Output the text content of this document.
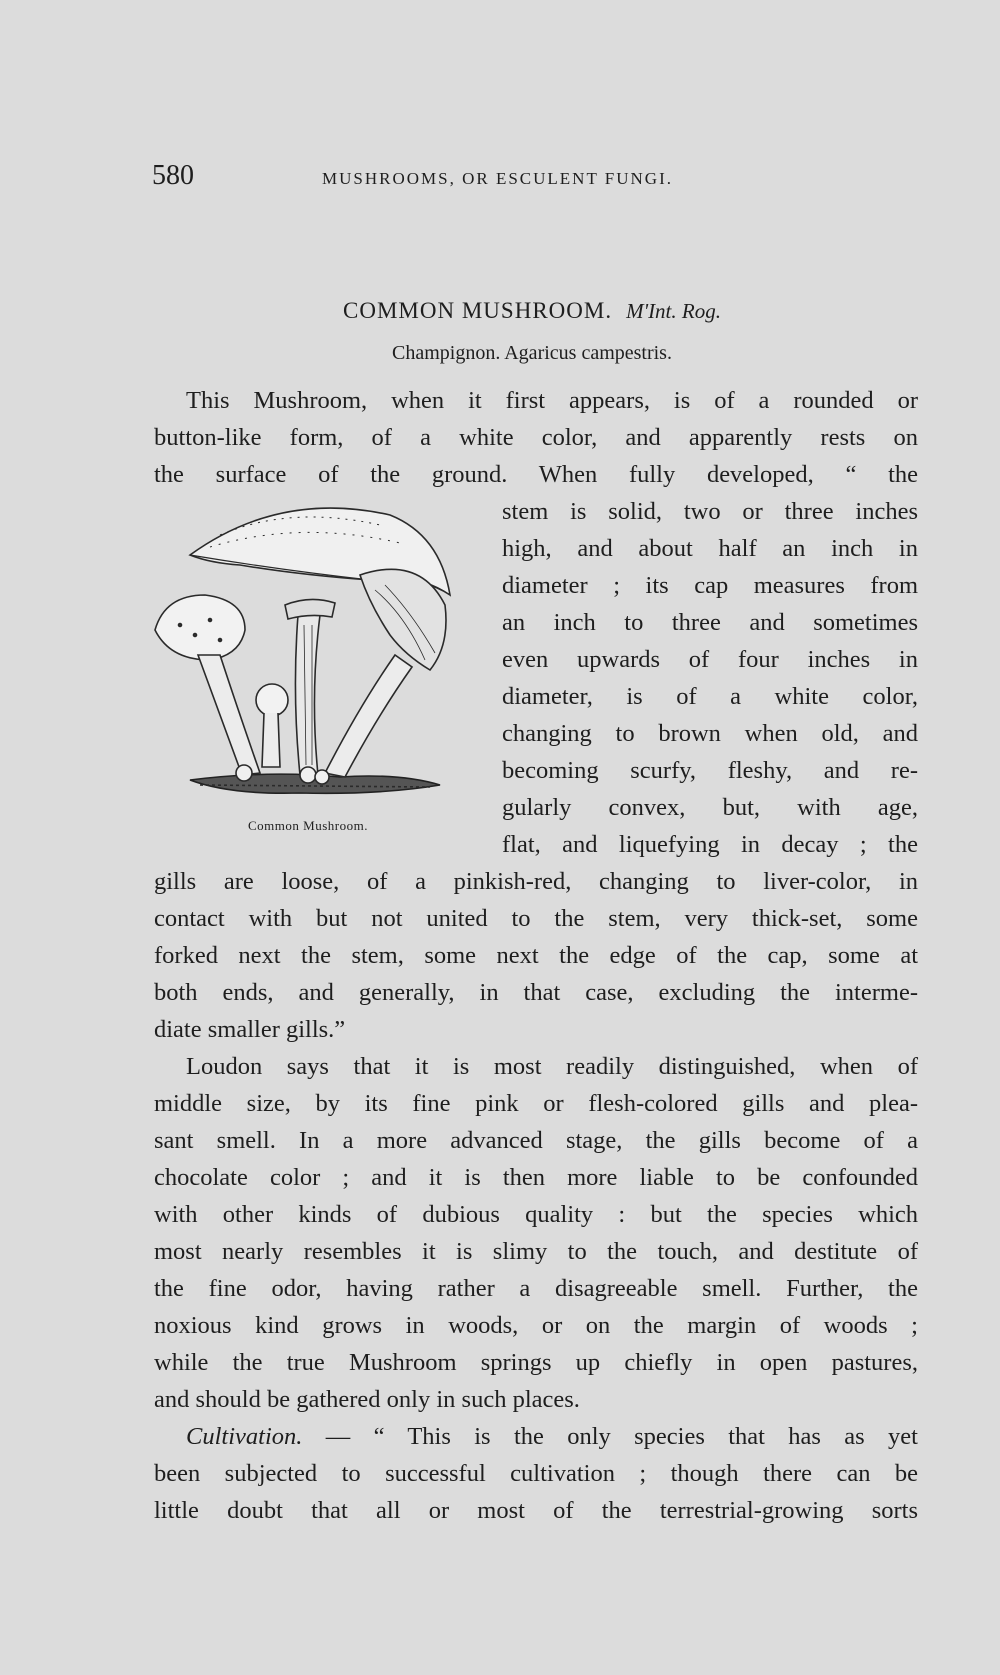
580	MUSHROOMS, OR ESCULENT FUNGI.
COMMON MUSHROOM. M'Int. Rog.
Champignon. Agaricus campestris.
This Mushroom, when it first appears, is of a rounded or
button-like form, of a white color, and apparently rests on
the surface of the ground. When fully developed, “ the
stem is solid, two or three inches
high, and about half an inch in
diameter ; its cap measures from
an inch to three and sometimes
even upwards of four inches in
diameter, is of a white color,
changing to brown when old, and
becoming scurfy, fleshy, and re-
gularly convex, but, with age,
flat, and liquefying in decay ; the
gills are loose, of a pinkish-red, changing to liver-color, in
contact with but not united to the stem, very thick-set, some
forked next the stem, some next the edge of the cap, some at
both ends, and generally, in that case, excluding the interme-
diate smaller gills.”
Loudon says that it is most readily distinguished, when of
middle size, by its fine pink or flesh-colored gills and plea-
sant smell. In a more advanced stage, the gills become of a
chocolate color ; and it is then more liable to be confounded
with other kinds of dubious quality : but the species which
most nearly resembles it is slimy to the touch, and destitute of
the fine odor, having rather a disagreeable smell. Further, the
noxious kind grows in woods, or on the margin of woods ;
while the true Mushroom springs up chiefly in open pastures,
and should be gathered only in such places.
Cultivation. — “ This is the only species that has as yet
been subjected to successful cultivation ; though there can be
little doubt that all or most of the terrestrial-growing sorts
Common Mushroom.
